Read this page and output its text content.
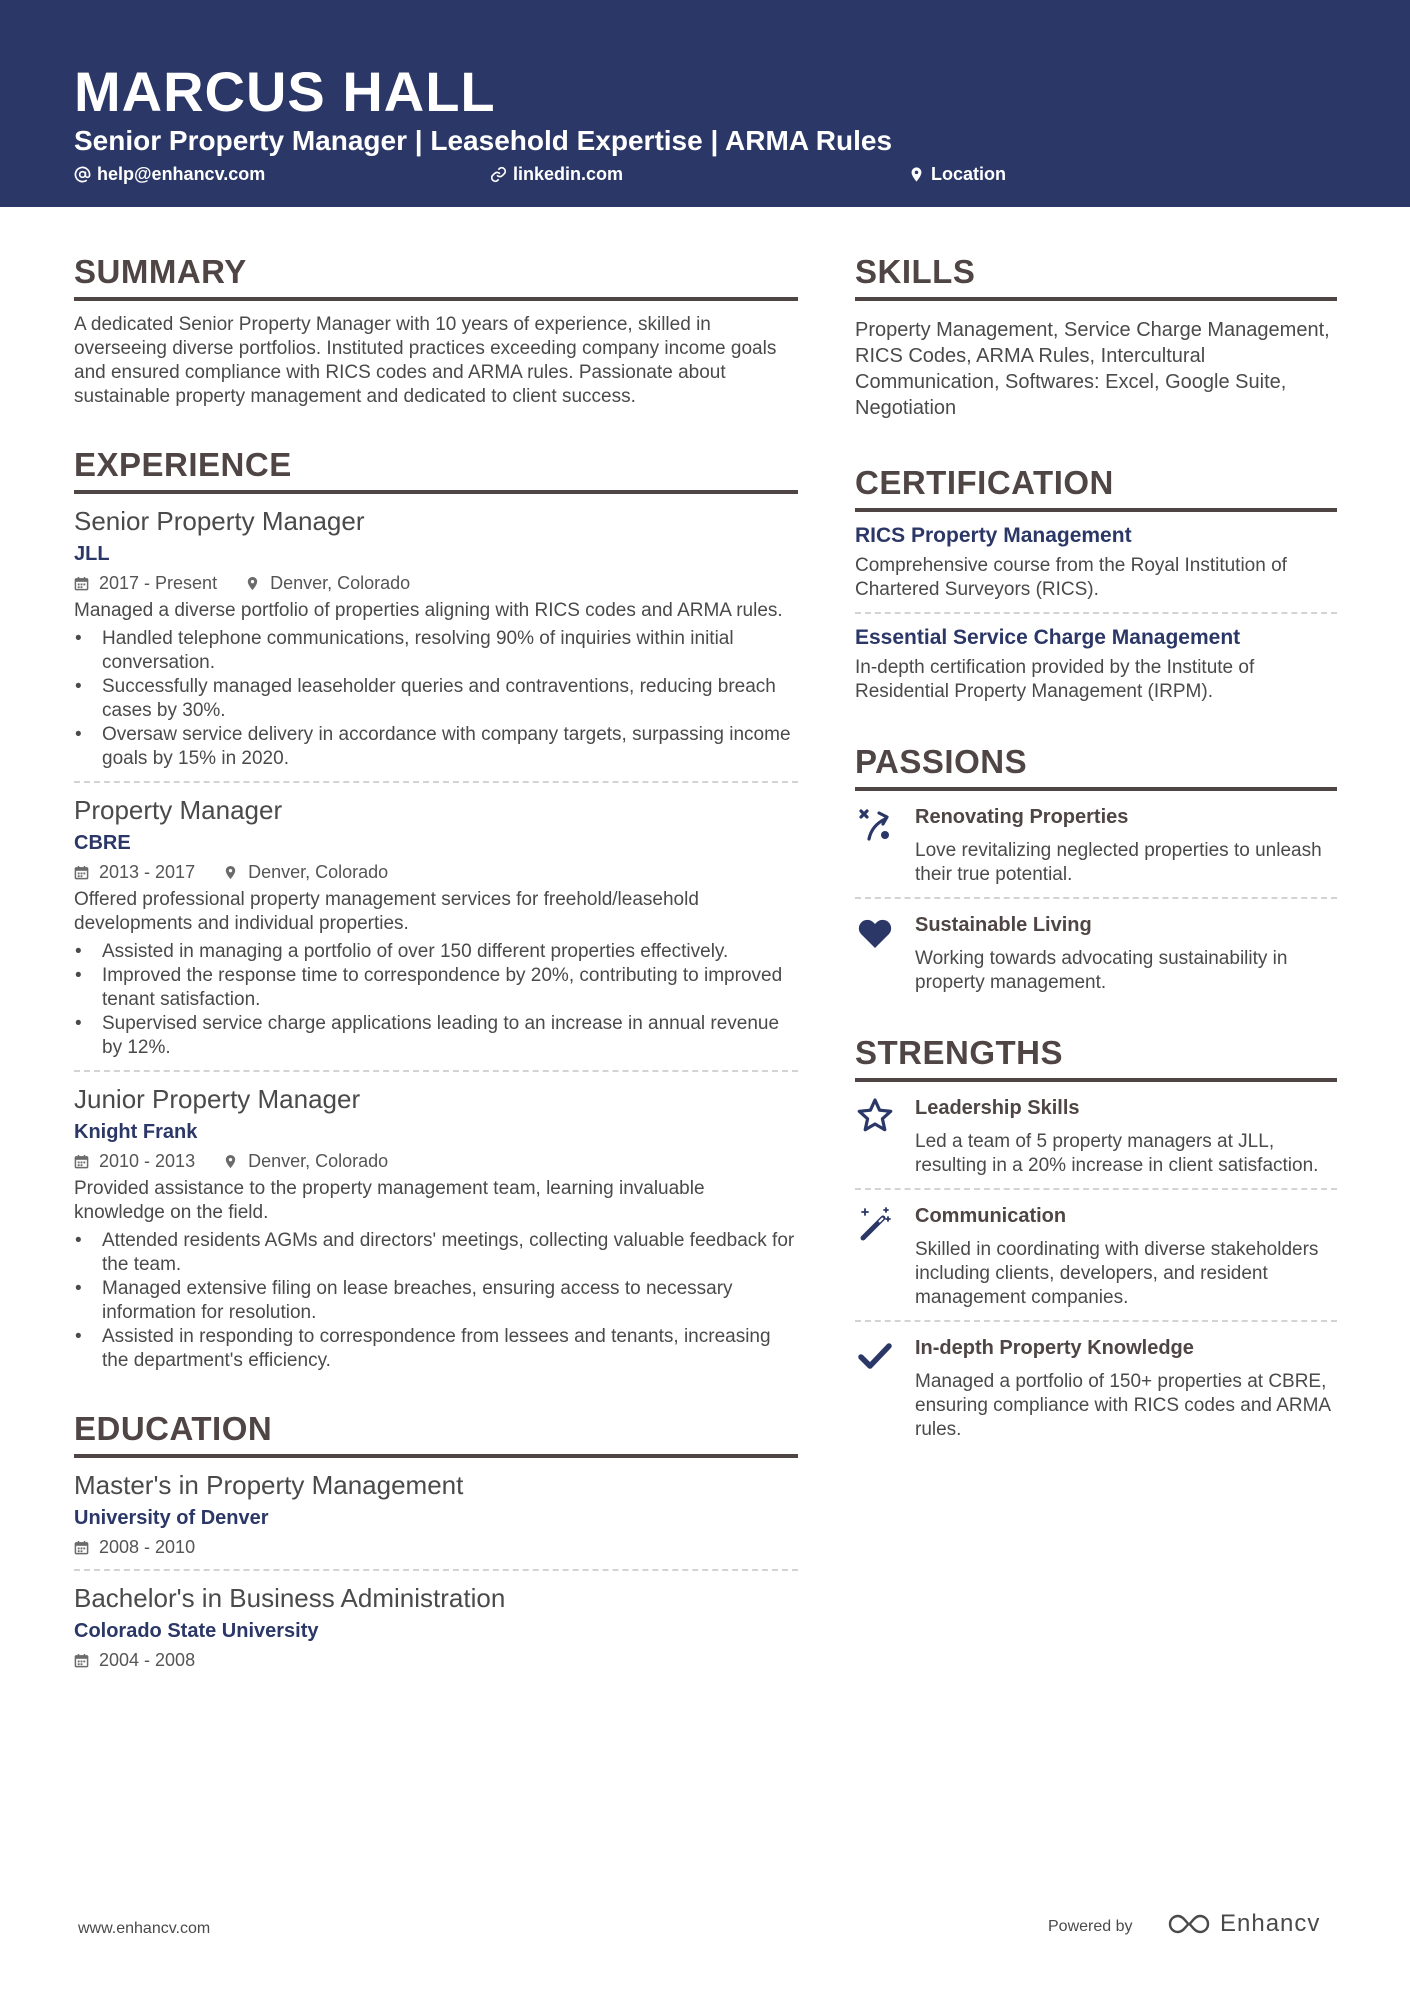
MARCUS HALL
Senior Property Manager | Leasehold Expertise | ARMA Rules
help@enhancv.com	linkedin.com	Location
SUMMARY
A dedicated Senior Property Manager with 10 years of experience, skilled in overseeing diverse portfolios. Instituted practices exceeding company income goals and ensured compliance with RICS codes and ARMA rules. Passionate about sustainable property management and dedicated to client success.
EXPERIENCE
Senior Property Manager
JLL
2017 - Present	Denver, Colorado
Managed a diverse portfolio of properties aligning with RICS codes and ARMA rules.
• Handled telephone communications, resolving 90% of inquiries within initial conversation.
• Successfully managed leaseholder queries and contraventions, reducing breach cases by 30%.
• Oversaw service delivery in accordance with company targets, surpassing income goals by 15% in 2020.
Property Manager
CBRE
2013 - 2017	Denver, Colorado
Offered professional property management services for freehold/leasehold developments and individual properties.
• Assisted in managing a portfolio of over 150 different properties effectively.
• Improved the response time to correspondence by 20%, contributing to improved tenant satisfaction.
• Supervised service charge applications leading to an increase in annual revenue by 12%.
Junior Property Manager
Knight Frank
2010 - 2013	Denver, Colorado
Provided assistance to the property management team, learning invaluable knowledge on the field.
• Attended residents AGMs and directors' meetings, collecting valuable feedback for the team.
• Managed extensive filing on lease breaches, ensuring access to necessary information for resolution.
• Assisted in responding to correspondence from lessees and tenants, increasing the department's efficiency.
EDUCATION
Master's in Property Management
University of Denver
2008 - 2010
Bachelor's in Business Administration
Colorado State University
2004 - 2008
SKILLS
Property Management, Service Charge Management, RICS Codes, ARMA Rules, Intercultural Communication, Softwares: Excel, Google Suite, Negotiation
CERTIFICATION
RICS Property Management
Comprehensive course from the Royal Institution of Chartered Surveyors (RICS).
Essential Service Charge Management
In-depth certification provided by the Institute of Residential Property Management (IRPM).
PASSIONS
Renovating Properties
Love revitalizing neglected properties to unleash their true potential.
Sustainable Living
Working towards advocating sustainability in property management.
STRENGTHS
Leadership Skills
Led a team of 5 property managers at JLL, resulting in a 20% increase in client satisfaction.
Communication
Skilled in coordinating with diverse stakeholders including clients, developers, and resident management companies.
In-depth Property Knowledge
Managed a portfolio of 150+ properties at CBRE, ensuring compliance with RICS codes and ARMA rules.
www.enhancv.com	Powered by	Enhancv
